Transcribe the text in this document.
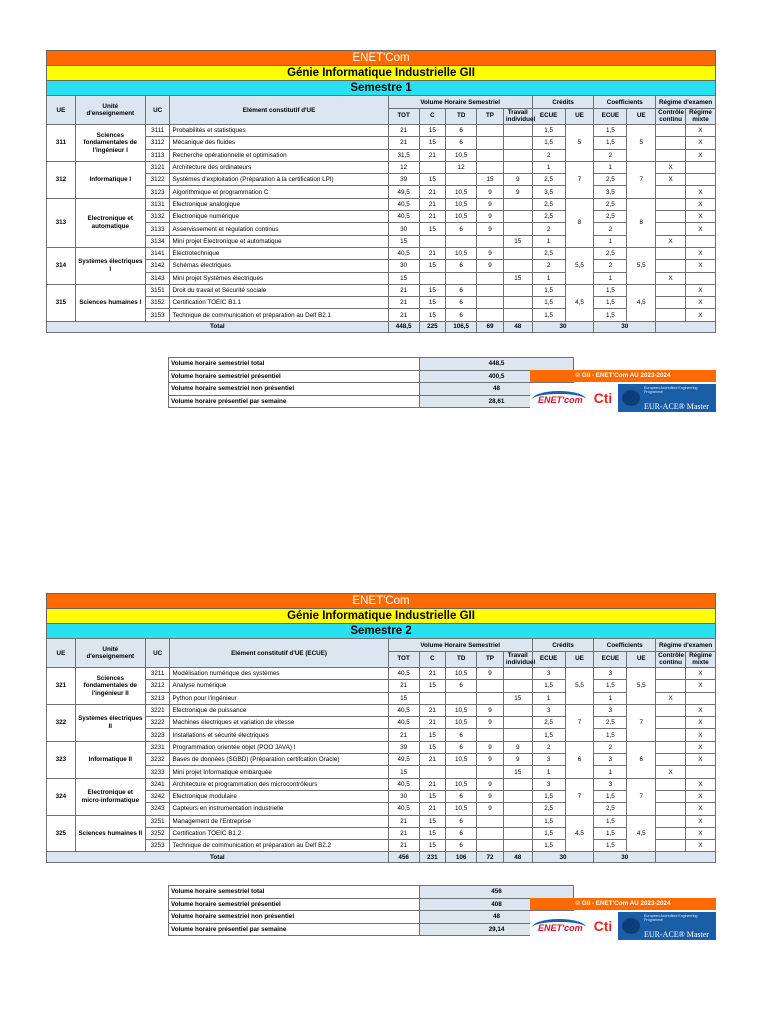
ENET'Com
Génie Informatique Industrielle GII
Semestre 1
UE	Unité d'enseignement	UC	Elément constitutif d'UE	Volume Horaire Semestriel					Crédits		Coefficients		Régime d'examen	
				TOT	C	TD	TP	Travail individuel	ECUE	UE	ECUE	UE	Contrôle continu	Régime mixte
311	Sciences fondamentales de l'ingénieur I	3111	Probabilités et statistiques	21	15	6			1,5	5	1,5	5		X
		3112	Mécanique des fluides	21	15	6			1,5		1,5			X
		3113	Recherche opérationnelle et optimisation	31,5	21	10,5			2		2			X
312	Informatique I	3121	Architecture des ordinateurs	12		12			1	7	1	7	X	
		3122	Systèmes d'exploitation (Préparation à la certification LPI)	39	15		15	9	2,5		2,5		X	
		3123	Algorithmique et programmation C	49,5	21	10,5	9	9	3,5		3,5			X
313	Electronique et automatique	3131	Electronique analogique	40,5	21	10,5	9		2,5	8	2,5	8		X
		3132	Electronique numérique	40,5	21	10,5	9		2,5		2,5			X
		3133	Asservissement et régulation continus	30	15	6	9		2		2			X
		3134	Mini projet Electronique et automatique	15				15	1		1		X	
314	Systèmes électriques I	3141	Electrotechnique	40,5	21	10,5	9		2,5	5,5	2,5	5,5		X
		3142	Schémas électriques	30	15	6	9		2		2			X
		3143	Mini projet Systèmes électriques	15				15	1		1		X	
315	Sciences humaines I	3151	Droit du travail et Sécurité sociale	21	15	6			1,5	4,5	1,5	4,5		X
		3152	Certification TOEIC B1.1	21	15	6			1,5		1,5			X
		3153	Technique de communication et préparation au Delf B2.1	21	15	6			1,5		1,5			X
Total				448,5	225	106,5	69	48	30		30			
Volume horaire semestriel total	448,5
Volume horaire semestriel présentiel	400,5
Volume horaire semestriel non présentiel	48
Volume horaire présentiel par semaine	28,61
© GII - ENET'Com AU 2023-2024
ENET'com Cti
Europeen Accredited Engineering Programme
EUR-ACE® Master
ENET'Com
Génie Informatique Industrielle GII
Semestre 2
UE	Unité d'enseignement	UC	Elément constitutif d'UE (ECUE)	Volume Horaire Semestriel					Crédits		Coefficients		Régime d'examen	
				TOT	C	TD	TP	Travail individuel	ECUE	UE	ECUE	UE	Contrôle continu	Régime mixte
321	Sciences fondamentales de l'ingénieur II	3211	Modélisation numérique des systèmes	40,5	21	10,5	9		3	5,5	3	5,5		X
		3212	Analyse numérique	21	15	6			1,5		1,5			X
		3213	Python pour l'ingénieur	15				15	1		1		X	
322	Systèmes électriques II	3221	Electronique de puissance	40,5	21	10,5	9		3	7	3	7		X
		3222	Machines électriques et variation de vitesse	40,5	21	10,5	9		2,5		2,5			X
		3223	Installations et sécurité électriques	21	15	6			1,5		1,5			X
323	Informatique II	3231	Programmation orientée objet (POO JAVA) I	39	15	6	9	9	2	6	2	6		X
		3232	Bases de données (SGBD) (Préparation certifcation Oracle)	49,5	21	10,5	9	9	3		3			X
		3233	Mini projet Informatique embarquée	15				15	1		1		X	
324	Electronique et micro-informatique	3241	Architecture et programmation des microcontrôleurs	40,5	21	10,5	9		3	7	3	7		X
		3242	Electronique modulaire	30	15	6	9		1,5		1,5			X
		3243	Capteurs en instrumentation industrielle	40,5	21	10,5	9		2,5		2,5			X
325	Sciences humaines II	3251	Management de l'Entreprise	21	15	6			1,5	4,5	1,5	4,5		X
		3252	Certification TOEIC B1.2	21	15	6			1,5		1,5			X
		3253	Technique de communication et préparation au Delf B2.2	21	15	6			1,5		1,5			X
Total				456	231	106	72	48	30		30			
Volume horaire semestriel total	456
Volume horaire semestriel présentiel	408
Volume horaire semestriel non présentiel	48
Volume horaire présentiel par semaine	29,14
© GII - ENET'Com AU 2023-2024
ENET'com Cti
Europeen Accredited Engineering Programme
EUR-ACE® Master
